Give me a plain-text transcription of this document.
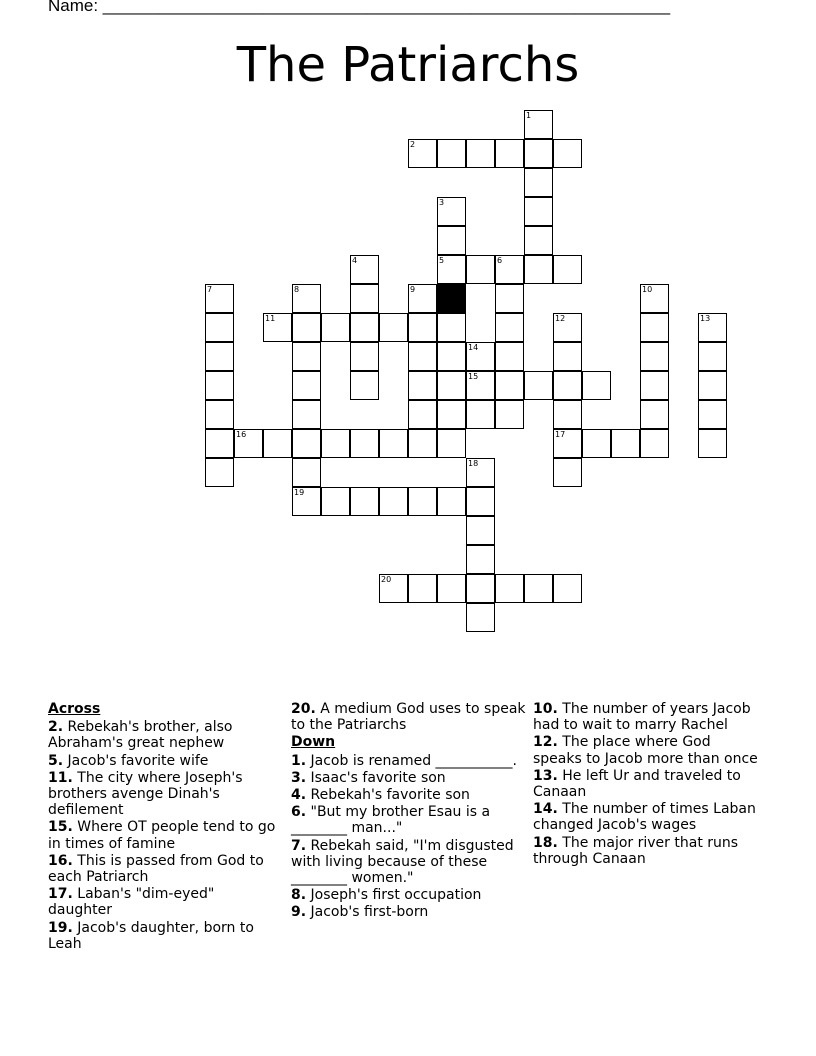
Name: ____________________________________________________________
The Patriarchs
1
2
3
5
4	6
7	8
19
9	10
11	12
17
13
14
15
16
18
20
Across
2. Rebekah's brother, also Abraham's great nephew
5. Jacob's favorite wife
11. The city where Joseph's brothers avenge Dinah's defilement
15. Where OT people tend to go in times of famine
16. This is passed from God to each Patriarch
17. Laban's "dim-eyed" daughter
19. Jacob's daughter, born to Leah
20. A medium God uses to speak to the Patriarchs
Down
1. Jacob is renamed ___________.
3. Isaac's favorite son
4. Rebekah's favorite son
6. "But my brother Esau is a ________ man..."
7. Rebekah said, "I'm disgusted with living because of these ________ women."
8. Joseph's first occupation
9. Jacob's first-born
10. The number of years Jacob had to wait to marry Rachel
12. The place where God speaks to Jacob more than once
13. He left Ur and traveled to Canaan
14. The number of times Laban changed Jacob's wages
18. The major river that runs through Canaan
